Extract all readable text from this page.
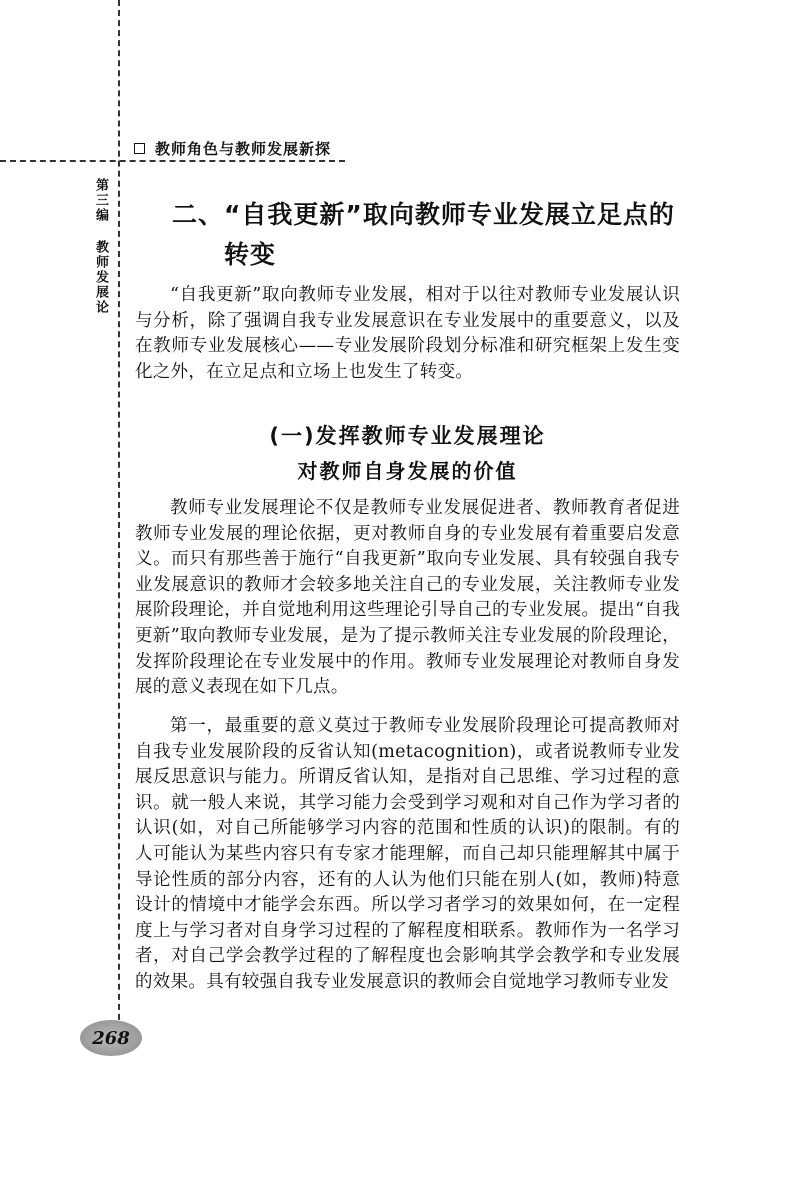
教师角色与教师发展新探
第三编
教师发展论
二、“自我更新”取向教师专业发展立足点的
转变

“自我更新”取向教师专业发展，相对于以往对教师专业发展认识与分析，除了强调自我专业发展意识在专业发展中的重要意义，以及在教师专业发展核心——专业发展阶段划分标准和研究框架上发生变化之外，在立足点和立场上也发生了转变。

(一)发挥教师专业发展理论
对教师自身发展的价值

教师专业发展理论不仅是教师专业发展促进者、教师教育者促进教师专业发展的理论依据，更对教师自身的专业发展有着重要启发意义。而只有那些善于施行“自我更新”取向专业发展、具有较强自我专业发展意识的教师才会较多地关注自己的专业发展，关注教师专业发展阶段理论，并自觉地利用这些理论引导自己的专业发展。提出“自我更新”取向教师专业发展，是为了提示教师关注专业发展的阶段理论，发挥阶段理论在专业发展中的作用。教师专业发展理论对教师自身发展的意义表现在如下几点。

第一，最重要的意义莫过于教师专业发展阶段理论可提高教师对自我专业发展阶段的反省认知(metacognition)，或者说教师专业发展反思意识与能力。所谓反省认知，是指对自己思维、学习过程的意识。就一般人来说，其学习能力会受到学习观和对自己作为学习者的认识(如，对自己所能够学习内容的范围和性质的认识)的限制。有的人可能认为某些内容只有专家才能理解，而自己却只能理解其中属于导论性质的部分内容，还有的人认为他们只能在别人(如，教师)特意设计的情境中才能学会东西。所以学习者学习的效果如何，在一定程度上与学习者对自身学习过程的了解程度相联系。教师作为一名学习者，对自己学会教学过程的了解程度也会影响其学会教学和专业发展的效果。具有较强自我专业发展意识的教师会自觉地学习教师专业发

268
